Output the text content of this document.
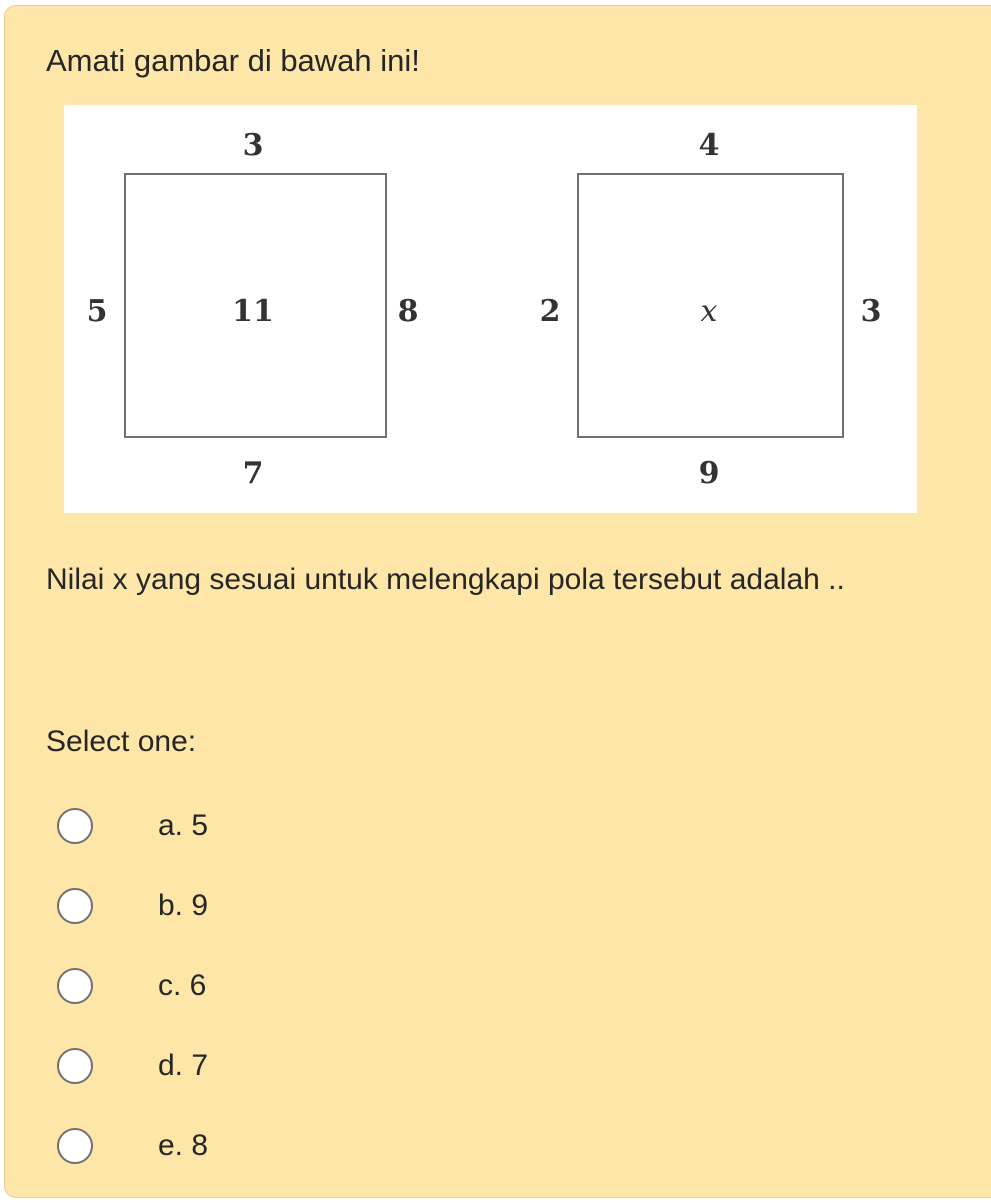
Amati gambar di bawah ini!

3
5	11	8
7
4
2	x	3
9

Nilai x yang sesuai untuk melengkapi pola tersebut adalah ..

Select one:

a. 5
b. 9
c. 6
d. 7
e. 8
